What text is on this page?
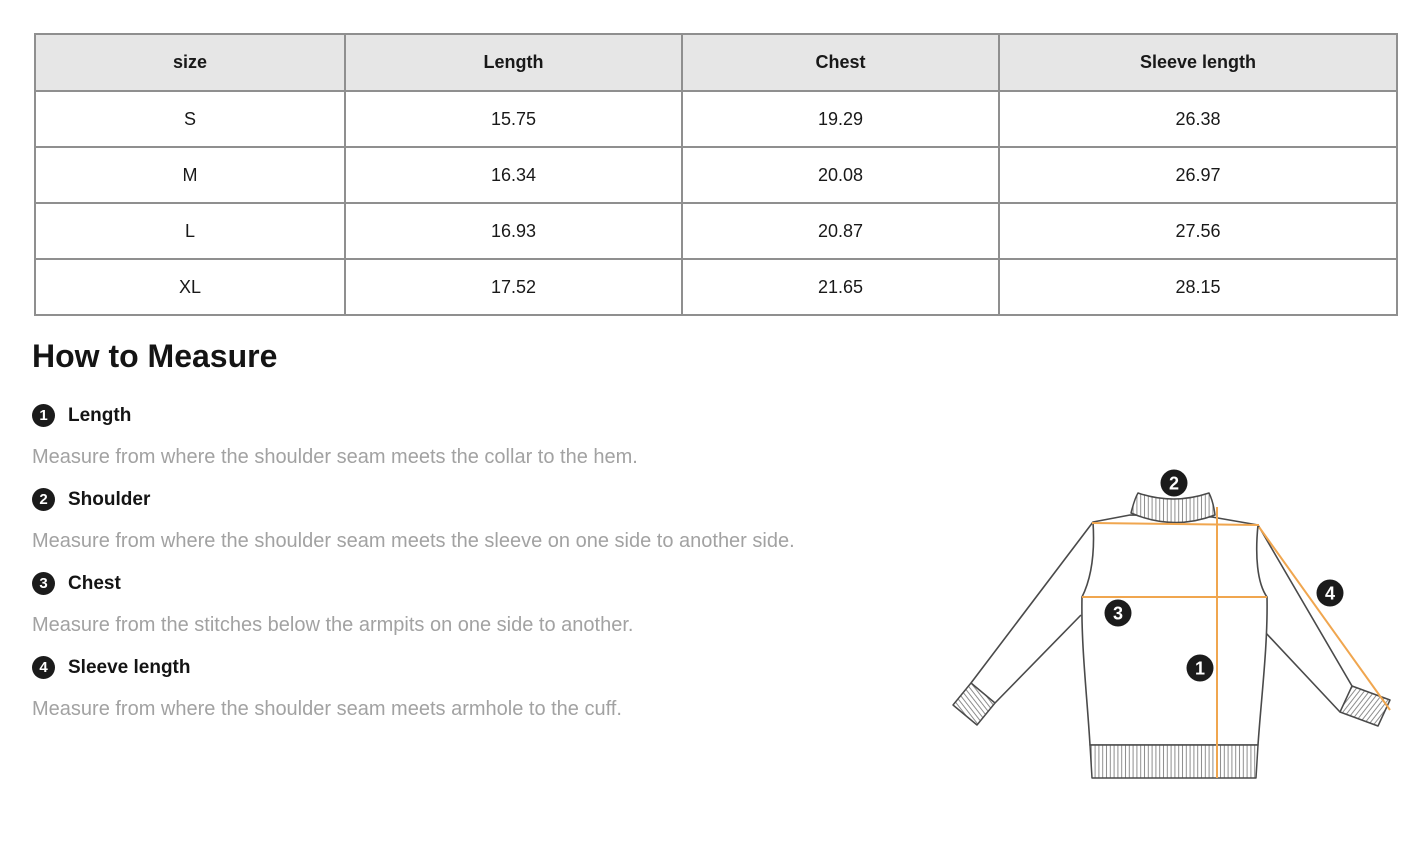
size	Length	Chest	Sleeve length
S	15.75	19.29	26.38
M	16.34	20.08	26.97
L	16.93	20.87	27.56
XL	17.52	21.65	28.15
How to Measure
1	Length

Measure from where the shoulder seam meets the collar to the hem.

2	Shoulder

Measure from where the shoulder seam meets the sleeve on one side to another side.

3	Chest

Measure from the stitches below the armpits on one side to another.

4	Sleeve length

Measure from where the shoulder seam meets armhole to the cuff.

1
2
3
4
